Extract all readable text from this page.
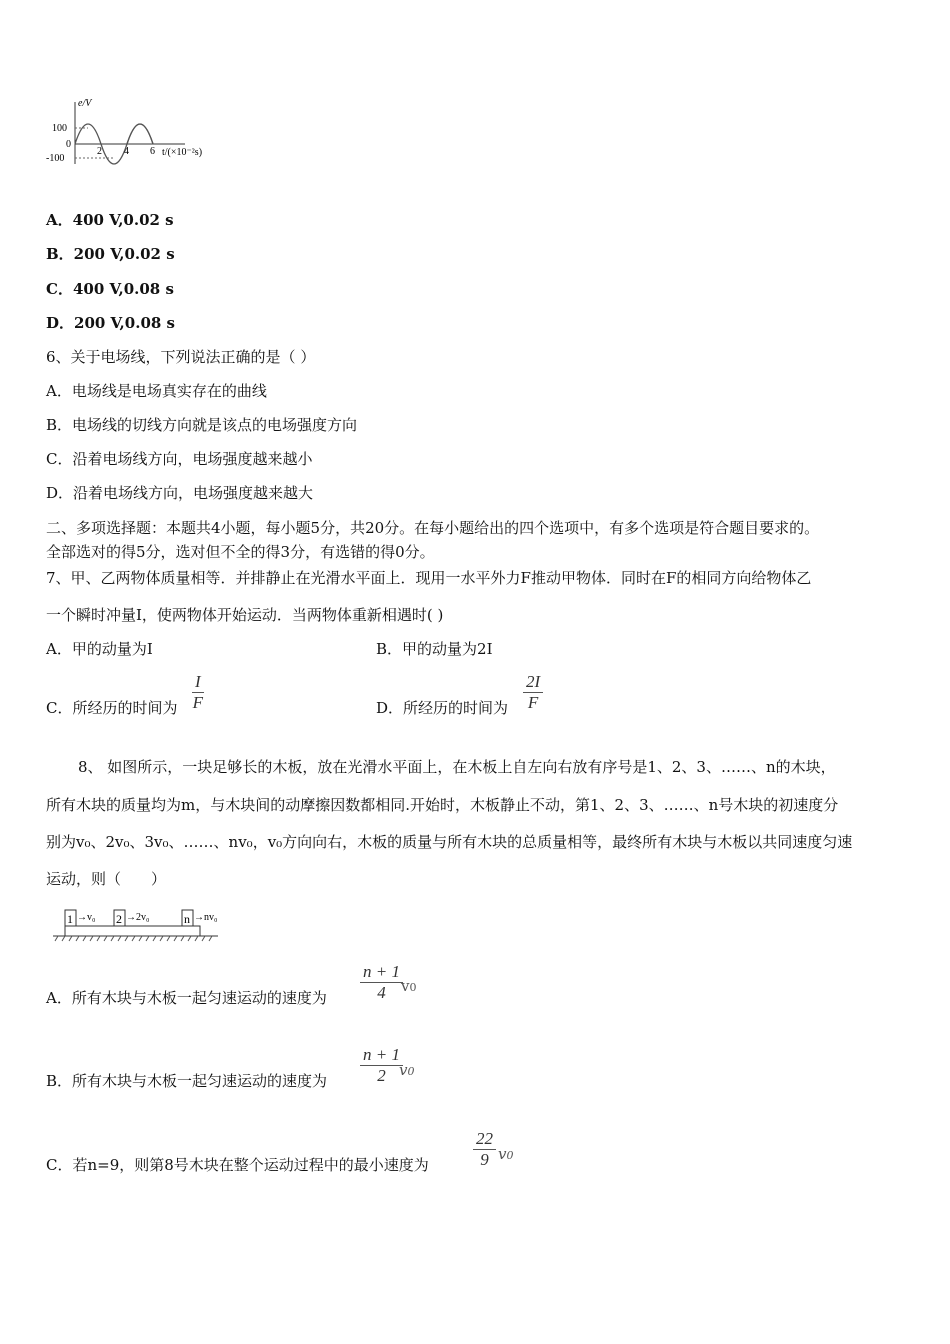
e/V
100
0
-100
2 4 6 t/(×10⁻²s)
A．400 V,0.02 s
B．200 V,0.02 s
C．400 V,0.08 s
D．200 V,0.08 s
6、关于电场线，下列说法正确的是（ ）
A．电场线是电场真实存在的曲线
B．电场线的切线方向就是该点的电场强度方向
C．沿着电场线方向，电场强度越来越小
D．沿着电场线方向，电场强度越来越大
二、多项选择题：本题共4小题，每小题5分，共20分。在每小题给出的四个选项中，有多个选项是符合题目要求的。
全部选对的得5分，选对但不全的得3分，有选错的得0分。
7、甲、乙两物体质量相等．并排静止在光滑水平面上．现用一水平外力F推动甲物体．同时在F的相同方向给物体乙
一个瞬时冲量I，使两物体开始运动．当两物体重新相遇时( )
A．甲的动量为I	B．甲的动量为2I
C．所经历的时间为 $\frac{I}{F}$	D．所经历的时间为 $\frac{2I}{F}$
8、 如图所示，一块足够长的木板，放在光滑水平面上，在木板上自左向右放有序号是1、2、3、……、n的木块，
所有木块的质量均为m，与木块间的动摩擦因数都相同.开始时，木板静止不动，第1、2、3、……、n号木块的初速度分
别为v₀、2v₀、3v₀、……、nv₀，v₀方向向右，木板的质量与所有木块的总质量相等，最终所有木块与木板以共同速度匀速
运动，则（　　）
1	2	n
→v₀	→2v₀	→nv₀
A．所有木块与木板一起匀速运动的速度为 $\frac{n + 1}{4}$
v0
B．所有木块与木板一起匀速运动的速度为 $\frac{n + 1}{2}$
v0
C．若n=9，则第8号木块在整个运动过程中的最小速度为	$\frac{22}{9} v0$
